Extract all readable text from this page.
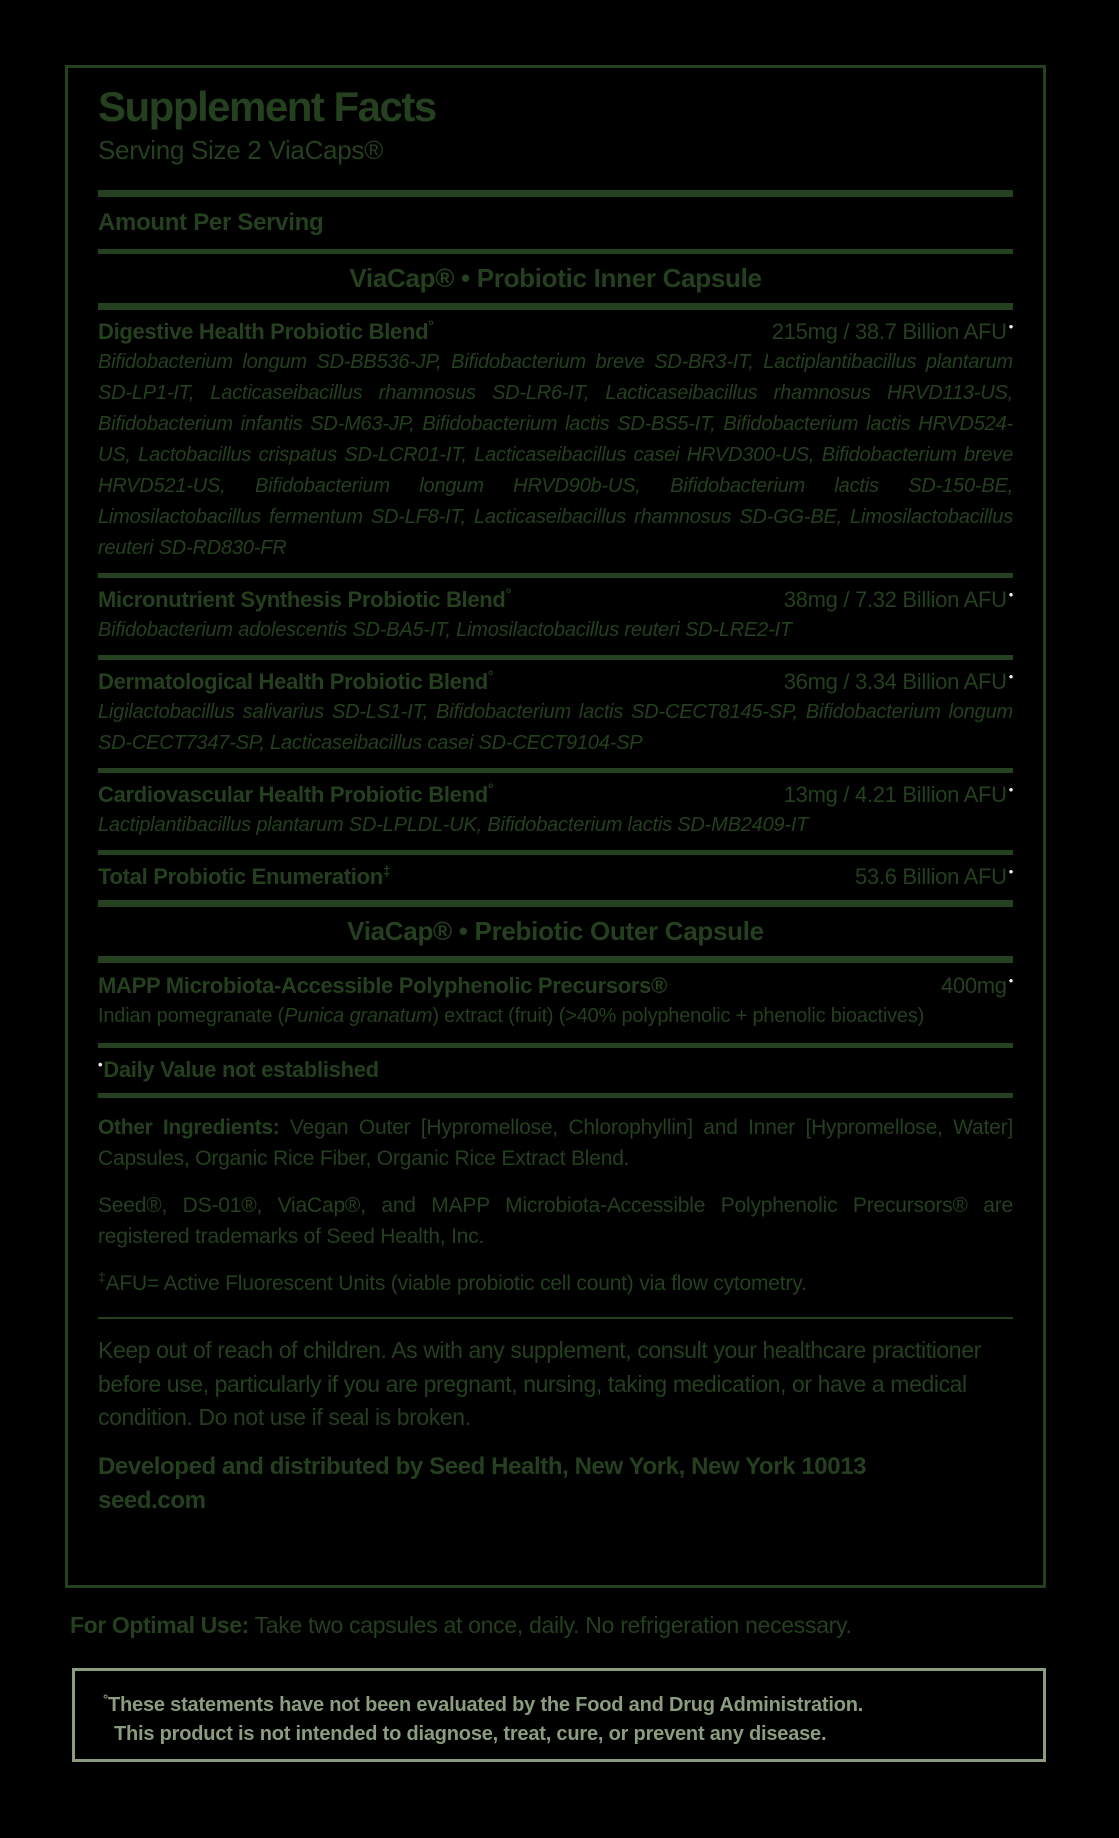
Supplement Facts
Serving Size 2 ViaCaps®
Amount Per Serving
ViaCap® • Probiotic Inner Capsule
Digestive Health Probiotic Blend°	215mg / 38.7 Billion AFU •
Bifidobacterium longum SD-BB536-JP, Bifidobacterium breve SD-BR3-IT, Lactiplantibacillus plantarum SD-LP1-IT, Lacticaseibacillus rhamnosus SD-LR6-IT, Lacticaseibacillus rhamnosus HRVD113-US, Bifidobacterium infantis SD-M63-JP, Bifidobacterium lactis SD-BS5-IT, Bifidobacterium lactis HRVD524-US, Lactobacillus crispatus SD-LCR01-IT, Lacticaseibacillus casei HRVD300-US, Bifidobacterium breve HRVD521-US, Bifidobacterium longum HRVD90b-US, Bifidobacterium lactis SD-150-BE, Limosilactobacillus fermentum SD-LF8-IT, Lacticaseibacillus rhamnosus SD-GG-BE, Limosilactobacillus reuteri SD-RD830-FR
Micronutrient Synthesis Probiotic Blend°	38mg / 7.32 Billion AFU •
Bifidobacterium adolescentis SD-BA5-IT, Limosilactobacillus reuteri SD-LRE2-IT
Dermatological Health Probiotic Blend°	36mg / 3.34 Billion AFU •
Ligilactobacillus salivarius SD-LS1-IT, Bifidobacterium lactis SD-CECT8145-SP, Bifidobacterium longum SD-CECT7347-SP, Lacticaseibacillus casei SD-CECT9104-SP
Cardiovascular Health Probiotic Blend°	13mg / 4.21 Billion AFU •
Lactiplantibacillus plantarum SD-LPLDL-UK, Bifidobacterium lactis SD-MB2409-IT
Total Probiotic Enumeration‡	53.6 Billion AFU •
ViaCap® • Prebiotic Outer Capsule
MAPP Microbiota-Accessible Polyphenolic Precursors®	400mg •
Indian pomegranate (Punica granatum) extract (fruit) (>40% polyphenolic + phenolic bioactives)
•Daily Value not established

Other Ingredients: Vegan Outer [Hypromellose, Chlorophyllin] and Inner [Hypromellose, Water] Capsules, Organic Rice Fiber, Organic Rice Extract Blend.

Seed®, DS-01®, ViaCap®, and MAPP Microbiota-Accessible Polyphenolic Precursors® are registered trademarks of Seed Health, Inc.

‡AFU= Active Fluorescent Units (viable probiotic cell count) via flow cytometry.

Keep out of reach of children. As with any supplement, consult your healthcare practitioner before use, particularly if you are pregnant, nursing, taking medication, or have a medical condition. Do not use if seal is broken.
Developed and distributed by Seed Health, New York, New York 10013
seed.com
For Optimal Use: Take two capsules at once, daily. No refrigeration necessary.
°These statements have not been evaluated by the Food and Drug Administration.
This product is not intended to diagnose, treat, cure, or prevent any disease.
